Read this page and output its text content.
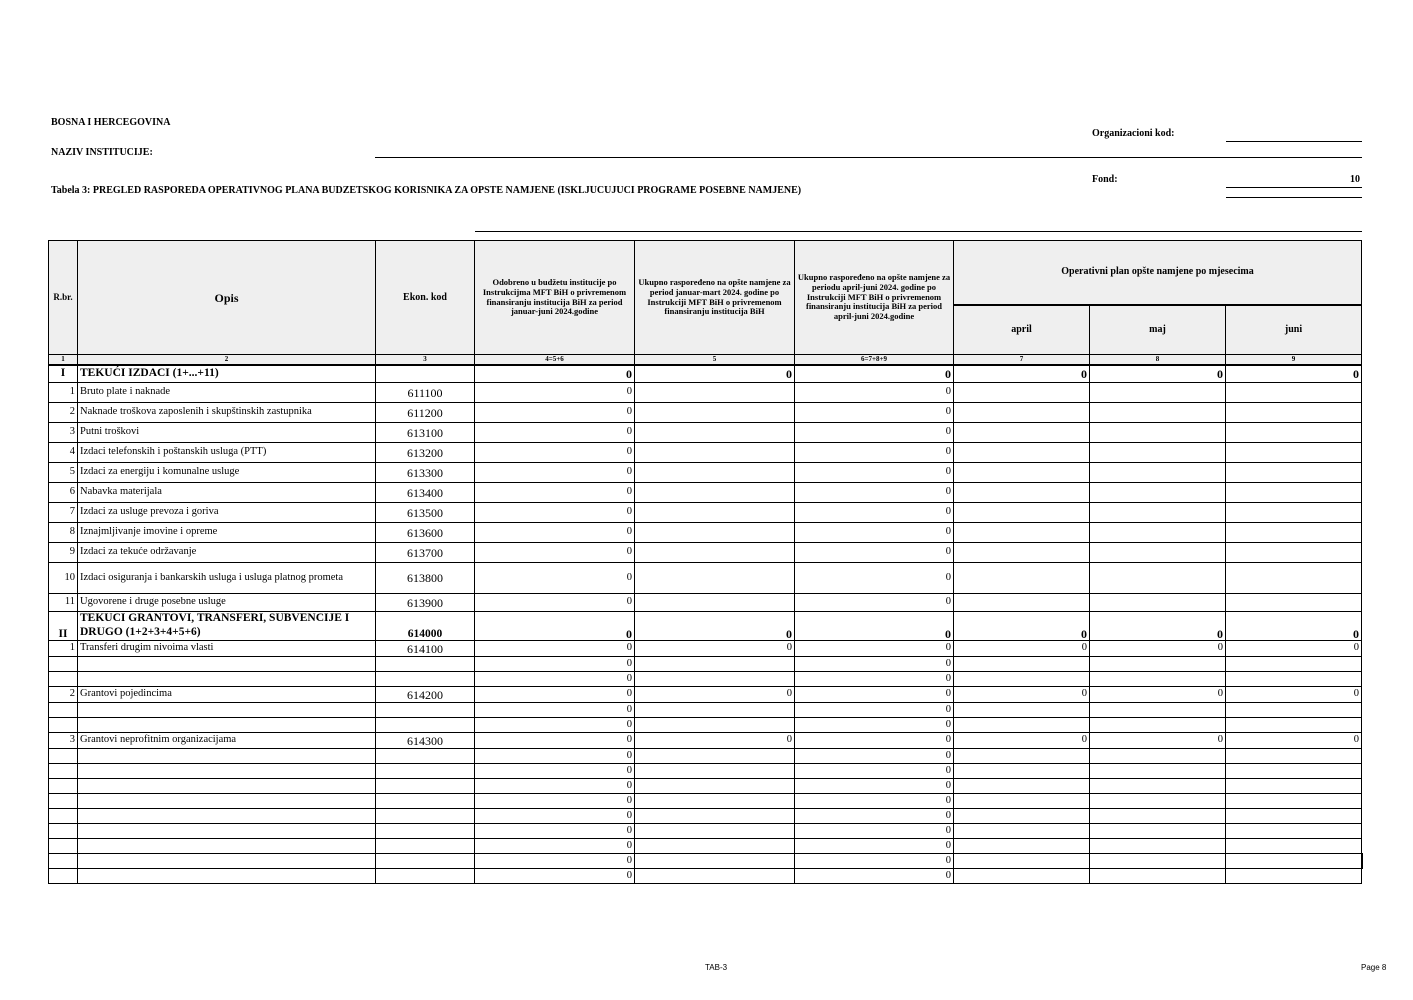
BOSNA I HERCEGOVINA
NAZIV INSTITUCIJE:
Organizacioni kod:
Fond:	10
Tabela 3: PREGLED RASPOREDA OPERATIVNOG PLANA BUDZETSKOG KORISNIKA ZA OPSTE NAMJENE (ISKLJUCUJUCI PROGRAME POSEBNE NAMJENE)
R.br.	Opis	Ekon. kod	Odobreno u budžetu institucije po Instrukcijma MFT BiH o privremenom finansiranju institucija BiH za period januar-juni 2024.godine	Ukupno raspoređeno na opšte namjene za period januar-mart 2024. godine po Instrukciji MFT BiH o privremenom finansiranju institucija BiH	Ukupno raspoređeno na opšte namjene za periodu april-juni 2024. godine po Instrukciji MFT BiH o privremenom finansiranju institucija BiH za period april-juni 2024.godine	Operativni plan opšte namjene po mjesecima		
						april	maj	juni
1	2	3	4=5+6	5	6=7+8+9	7	8	9
I	TEKUĆI IZDACI (1+...+11)		0	0	0	0	0	0
1	Bruto plate i naknade	611100	0		0			
2	Naknade troškova zaposlenih i skupštinskih zastupnika	611200	0		0			
3	Putni troškovi	613100	0		0			
4	Izdaci telefonskih i poštanskih usluga (PTT)	613200	0		0			
5	Izdaci za energiju i komunalne usluge	613300	0		0			
6	Nabavka materijala	613400	0		0			
7	Izdaci za usluge prevoza i goriva	613500	0		0			
8	Iznajmljivanje imovine i opreme	613600	0		0			
9	Izdaci za tekuće održavanje	613700	0		0			
10	Izdaci osiguranja i bankarskih usluga i usluga platnog prometa	613800	0		0			
11	Ugovorene i druge posebne usluge	613900	0		0			
II	TEKUCI GRANTOVI, TRANSFERI, SUBVENCIJE I DRUGO (1+2+3+4+5+6)	614000	0	0	0	0	0	0
1	Transferi drugim nivoima vlasti	614100	0	0	0	0	0	0
			0		0			
			0		0			
2	Grantovi pojedincima	614200	0	0	0	0	0	0
			0		0			
			0		0			
3	Grantovi neprofitnim organizacijama	614300	0	0	0	0	0	0
			0		0			
			0		0			
			0		0			
			0		0			
			0		0			
			0		0			
			0		0			
			0		0			
			0		0			
TAB-3	Page 8
